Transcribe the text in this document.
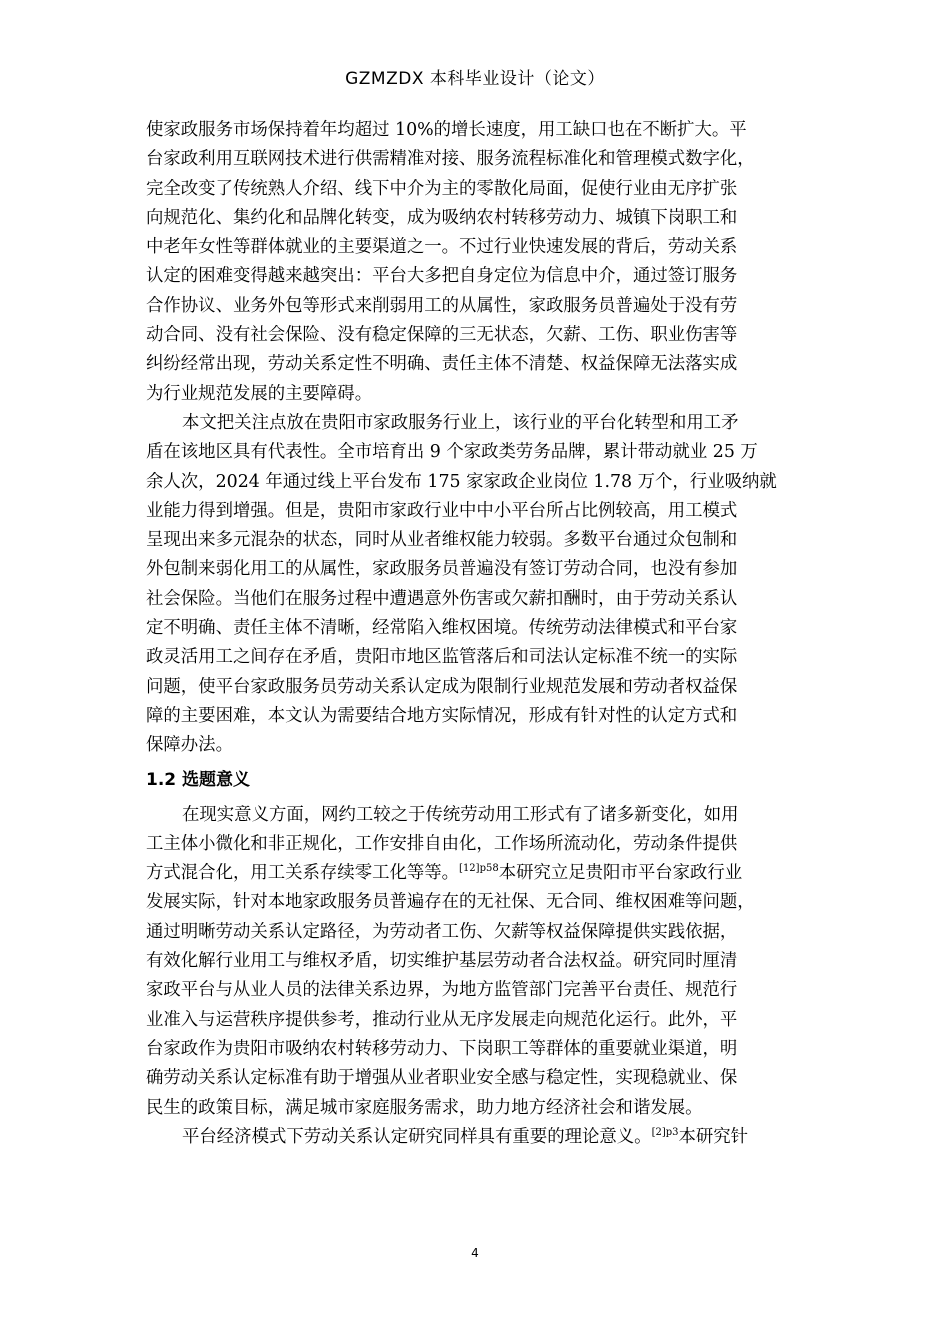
GZMZDX 本科毕业设计（论文）
使家政服务市场保持着年均超过 10%的增长速度，用工缺口也在不断扩大。平
台家政利用互联网技术进行供需精准对接、服务流程标准化和管理模式数字化，
完全改变了传统熟人介绍、线下中介为主的零散化局面，促使行业由无序扩张
向规范化、集约化和品牌化转变，成为吸纳农村转移劳动力、城镇下岗职工和
中老年女性等群体就业的主要渠道之一。不过行业快速发展的背后，劳动关系
认定的困难变得越来越突出：平台大多把自身定位为信息中介，通过签订服务
合作协议、业务外包等形式来削弱用工的从属性，家政服务员普遍处于没有劳
动合同、没有社会保险、没有稳定保障的三无状态，欠薪、工伤、职业伤害等
纠纷经常出现，劳动关系定性不明确、责任主体不清楚、权益保障无法落实成
为行业规范发展的主要障碍。
本文把关注点放在贵阳市家政服务行业上，该行业的平台化转型和用工矛
盾在该地区具有代表性。全市培育出 9 个家政类劳务品牌，累计带动就业 25 万
余人次，2024 年通过线上平台发布 175 家家政企业岗位 1.78 万个，行业吸纳就
业能力得到增强。但是，贵阳市家政行业中中小平台所占比例较高，用工模式
呈现出来多元混杂的状态，同时从业者维权能力较弱。多数平台通过众包制和
外包制来弱化用工的从属性，家政服务员普遍没有签订劳动合同，也没有参加
社会保险。当他们在服务过程中遭遇意外伤害或欠薪扣酬时，由于劳动关系认
定不明确、责任主体不清晰，经常陷入维权困境。传统劳动法律模式和平台家
政灵活用工之间存在矛盾，贵阳市地区监管落后和司法认定标准不统一的实际
问题，使平台家政服务员劳动关系认定成为限制行业规范发展和劳动者权益保
障的主要困难，本文认为需要结合地方实际情况，形成有针对性的认定方式和
保障办法。
1.2 选题意义
在现实意义方面，网约工较之于传统劳动用工形式有了诸多新变化，如用
工主体小微化和非正规化，工作安排自由化，工作场所流动化，劳动条件提供
方式混合化，用工关系存续零工化等等。$^{[12]p58}$本研究立足贵阳市平台家政行业
发展实际，针对本地家政服务员普遍存在的无社保、无合同、维权困难等问题，
通过明晰劳动关系认定路径，为劳动者工伤、欠薪等权益保障提供实践依据，
有效化解行业用工与维权矛盾，切实维护基层劳动者合法权益。研究同时厘清
家政平台与从业人员的法律关系边界，为地方监管部门完善平台责任、规范行
业准入与运营秩序提供参考，推动行业从无序发展走向规范化运行。此外，平
台家政作为贵阳市吸纳农村转移劳动力、下岗职工等群体的重要就业渠道，明
确劳动关系认定标准有助于增强从业者职业安全感与稳定性，实现稳就业、保
民生的政策目标，满足城市家庭服务需求，助力地方经济社会和谐发展。
平台经济模式下劳动关系认定研究同样具有重要的理论意义。$^{[2]p3}$本研究针
4
